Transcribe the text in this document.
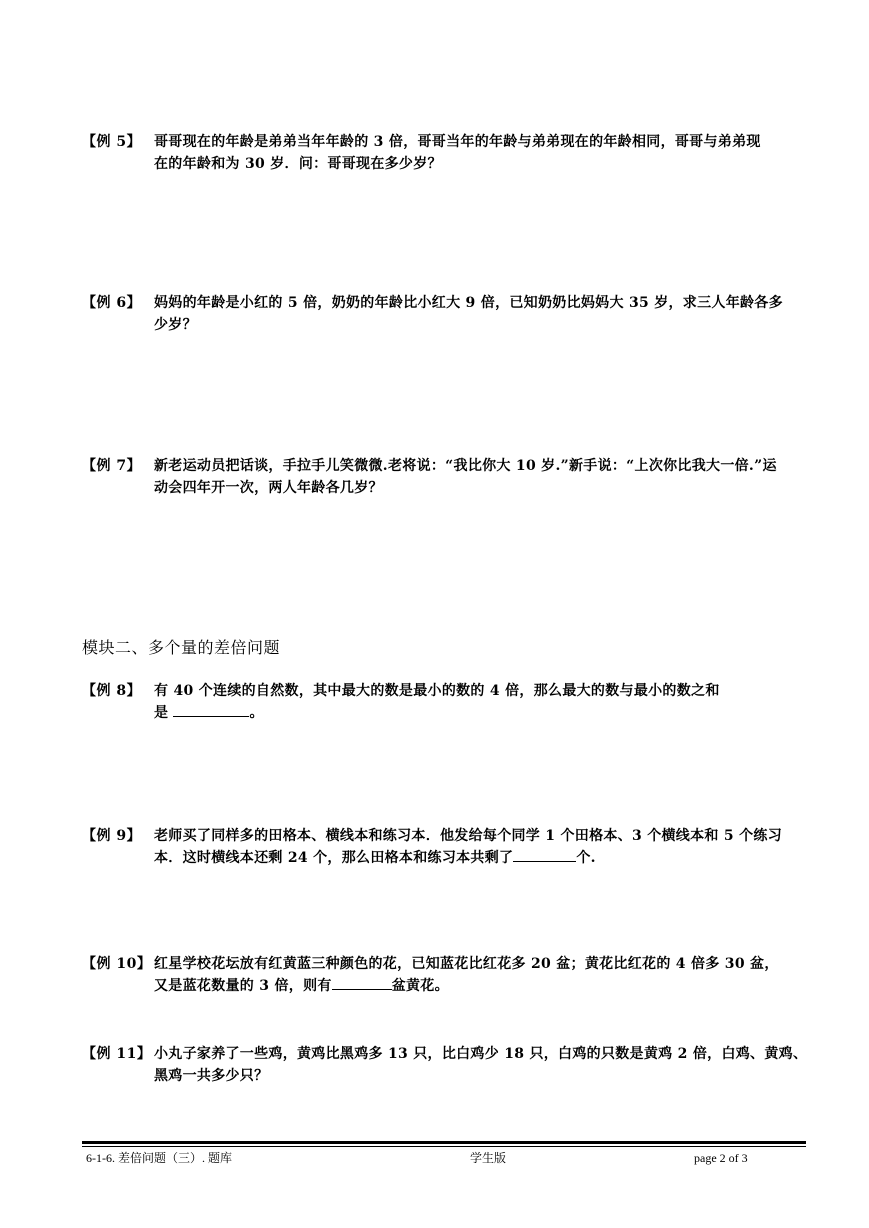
【例 5】 哥哥现在的年龄是弟弟当年年龄的 3 倍，哥哥当年的年龄与弟弟现在的年龄相同，哥哥与弟弟现
在的年龄和为 30 岁．问：哥哥现在多少岁？
【例 6】 妈妈的年龄是小红的 5 倍，奶奶的年龄比小红大 9 倍，已知奶奶比妈妈大 35 岁，求三人年龄各多
少岁？
【例 7】 新老运动员把话谈，手拉手儿笑微微.老将说：“我比你大 10 岁.”新手说：“上次你比我大一倍.”运
动会四年开一次，两人年龄各几岁？
模块二、多个量的差倍问题
【例 8】 有 40 个连续的自然数，其中最大的数是最小的数的 4 倍，那么最大的数与最小的数之和
是	。
【例 9】 老师买了同样多的田格本、横线本和练习本．他发给每个同学 1 个田格本、3 个横线本和 5 个练习
本．这时横线本还剩 24 个，那么田格本和练习本共剩了	个.
【例 10】 红星学校花坛放有红黄蓝三种颜色的花，已知蓝花比红花多 20 盆；黄花比红花的 4 倍多 30 盆，
又是蓝花数量的 3 倍，则有	盆黄花。
【例 11】 小丸子家养了一些鸡，黄鸡比黑鸡多 13 只，比白鸡少 18 只，白鸡的只数是黄鸡 2 倍，白鸡、黄鸡、
黑鸡一共多少只？
6-1-6. 差倍问题（三）. 题库	学生版	page 2 of 3
